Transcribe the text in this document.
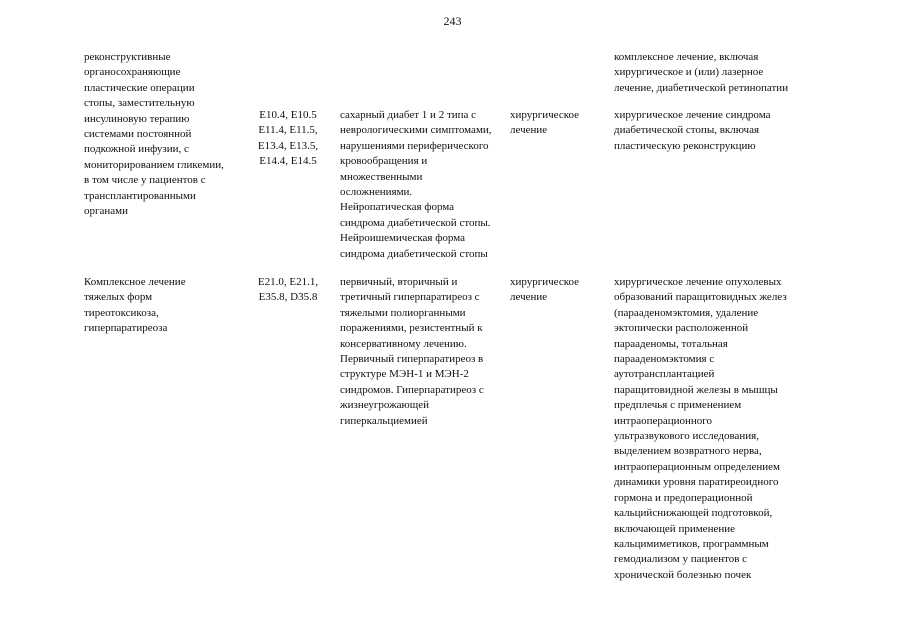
243
реконструктивные
органосохраняющие
пластические операции
стопы, заместительную
инсулиновую терапию
системами постоянной
подкожной инфузии, с
мониторированием гликемии,
в том числе у пациентов с
трансплантированными
органами
E10.4, E10.5
E11.4, E11.5,
E13.4, E13.5,
E14.4, E14.5
сахарный диабет 1 и 2 типа с
неврологическими симптомами,
нарушениями периферического
кровообращения и
множественными
осложнениями.
Нейропатическая форма
синдрома диабетической стопы.
Нейроишемическая форма
синдрома диабетической стопы
хирургическое
лечение
комплексное лечение, включая
хирургическое и (или) лазерное
лечение, диабетической ретинопатии
хирургическое лечение синдрома
диабетической стопы, включая
пластическую реконструкцию
Комплексное лечение
тяжелых форм
тиреотоксикоза,
гиперпаратиреоза
E21.0, E21.1,
E35.8, D35.8
первичный, вторичный и
третичный гиперпаратиреоз с
тяжелыми полиорганными
поражениями, резистентный к
консервативному лечению.
Первичный гиперпаратиреоз в
структуре МЭН-1 и МЭН-2
синдромов. Гиперпаратиреоз с
жизнеугрожающей
гиперкальциемией
хирургическое
лечение
хирургическое лечение опухолевых
образований паращитовидных желез
(парааденомэктомия, удаление
эктопически расположенной
парааденомы, тотальная
парааденомэктомия с
аутотрансплантацией
паращитовидной железы в мышцы
предплечья с применением
интраоперационного
ультразвукового исследования,
выделением возвратного нерва,
интраоперационным определением
динамики уровня паратиреоидного
гормона и предоперационной
кальцийснижающей подготовкой,
включающей применение
кальцимиметиков, программным
гемодиализом у пациентов с
хронической болезнью почек
